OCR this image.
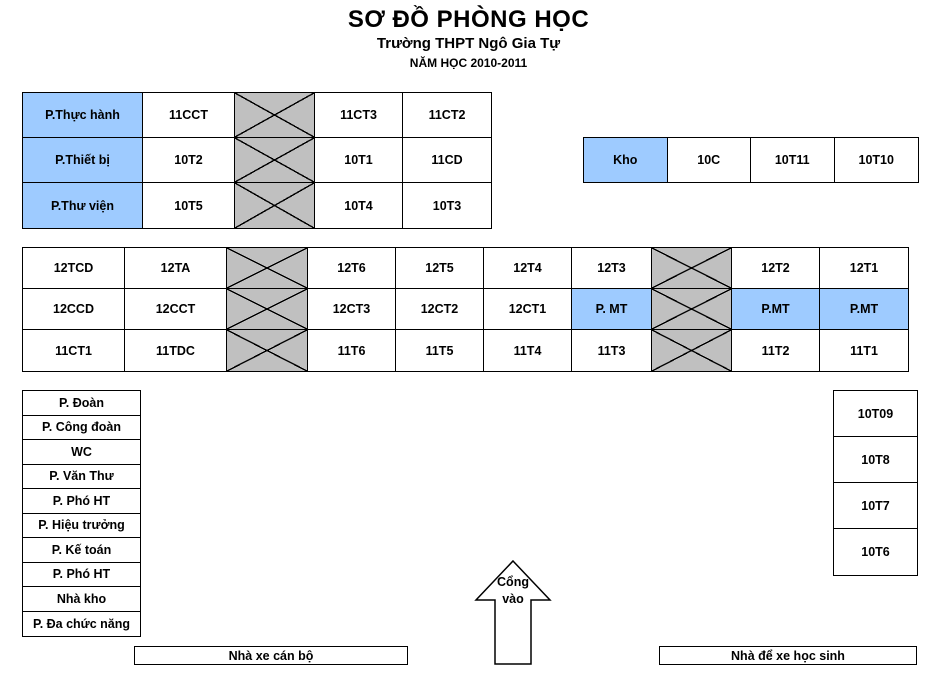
SƠ ĐỒ PHÒNG HỌC
Trường THPT Ngô Gia Tự
NĂM HỌC 2010-2011
P.Thực hành	11CCT	11CT3	11CT2
P.Thiết bị	10T2	10T1	11CD
P.Thư viện	10T5	10T4	10T3
Kho	10C	10T11	10T10
12TCD	12TA	12T6	12T5	12T4	12T3	12T2	12T1
12CCD	12CCT	12CT3	12CT2	12CT1	P. MT	P.MT	P.MT
11CT1	11TDC	11T6	11T5	11T4	11T3	11T2	11T1
P. Đoàn
P. Công đoàn
WC
P. Văn Thư
P. Phó HT
P. Hiệu trưởng
P. Kế toán
P. Phó HT
Nhà kho
P. Đa chức năng
10T09
10T8
10T7
10T6
Cổng
vào
Nhà xe cán bộ	Nhà để xe học sinh
